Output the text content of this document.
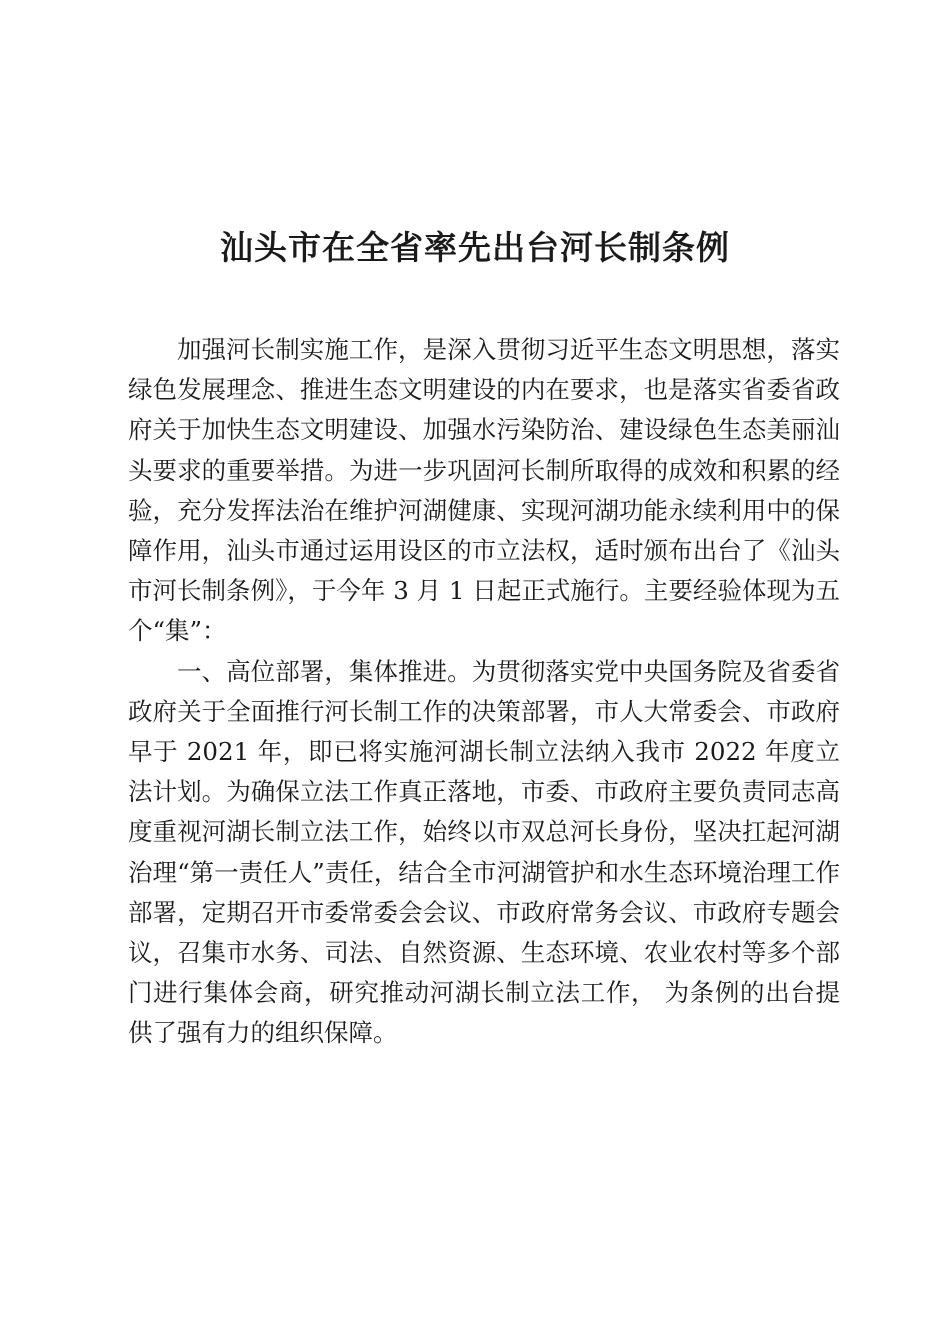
汕头市在全省率先出台河长制条例

加强河长制实施工作，是深入贯彻习近平生态文明思想，落实绿色发展理念、推进生态文明建设的内在要求，也是落实省委省政府关于加快生态文明建设、加强水污染防治、建设绿色生态美丽汕头要求的重要举措。为进一步巩固河长制所取得的成效和积累的经验，充分发挥法治在维护河湖健康、实现河湖功能永续利用中的保障作用，汕头市通过运用设区的市立法权，适时颁布出台了《汕头市河长制条例》，于今年 3 月 1 日起正式施行。主要经验体现为五个“集”：

一、高位部署，集体推进。为贯彻落实党中央国务院及省委省政府关于全面推行河长制工作的决策部署，市人大常委会、市政府早于 2021 年，即已将实施河湖长制立法纳入我市 2022 年度立法计划。为确保立法工作真正落地，市委、市政府主要负责同志高度重视河湖长制立法工作，始终以市双总河长身份，坚决扛起河湖治理“第一责任人”责任，结合全市河湖管护和水生态环境治理工作部署，定期召开市委常委会会议、市政府常务会议、市政府专题会议，召集市水务、司法、自然资源、生态环境、农业农村等多个部门进行集体会商，研究推动河湖长制立法工作， 为条例的出台提供了强有力的组织保障。
